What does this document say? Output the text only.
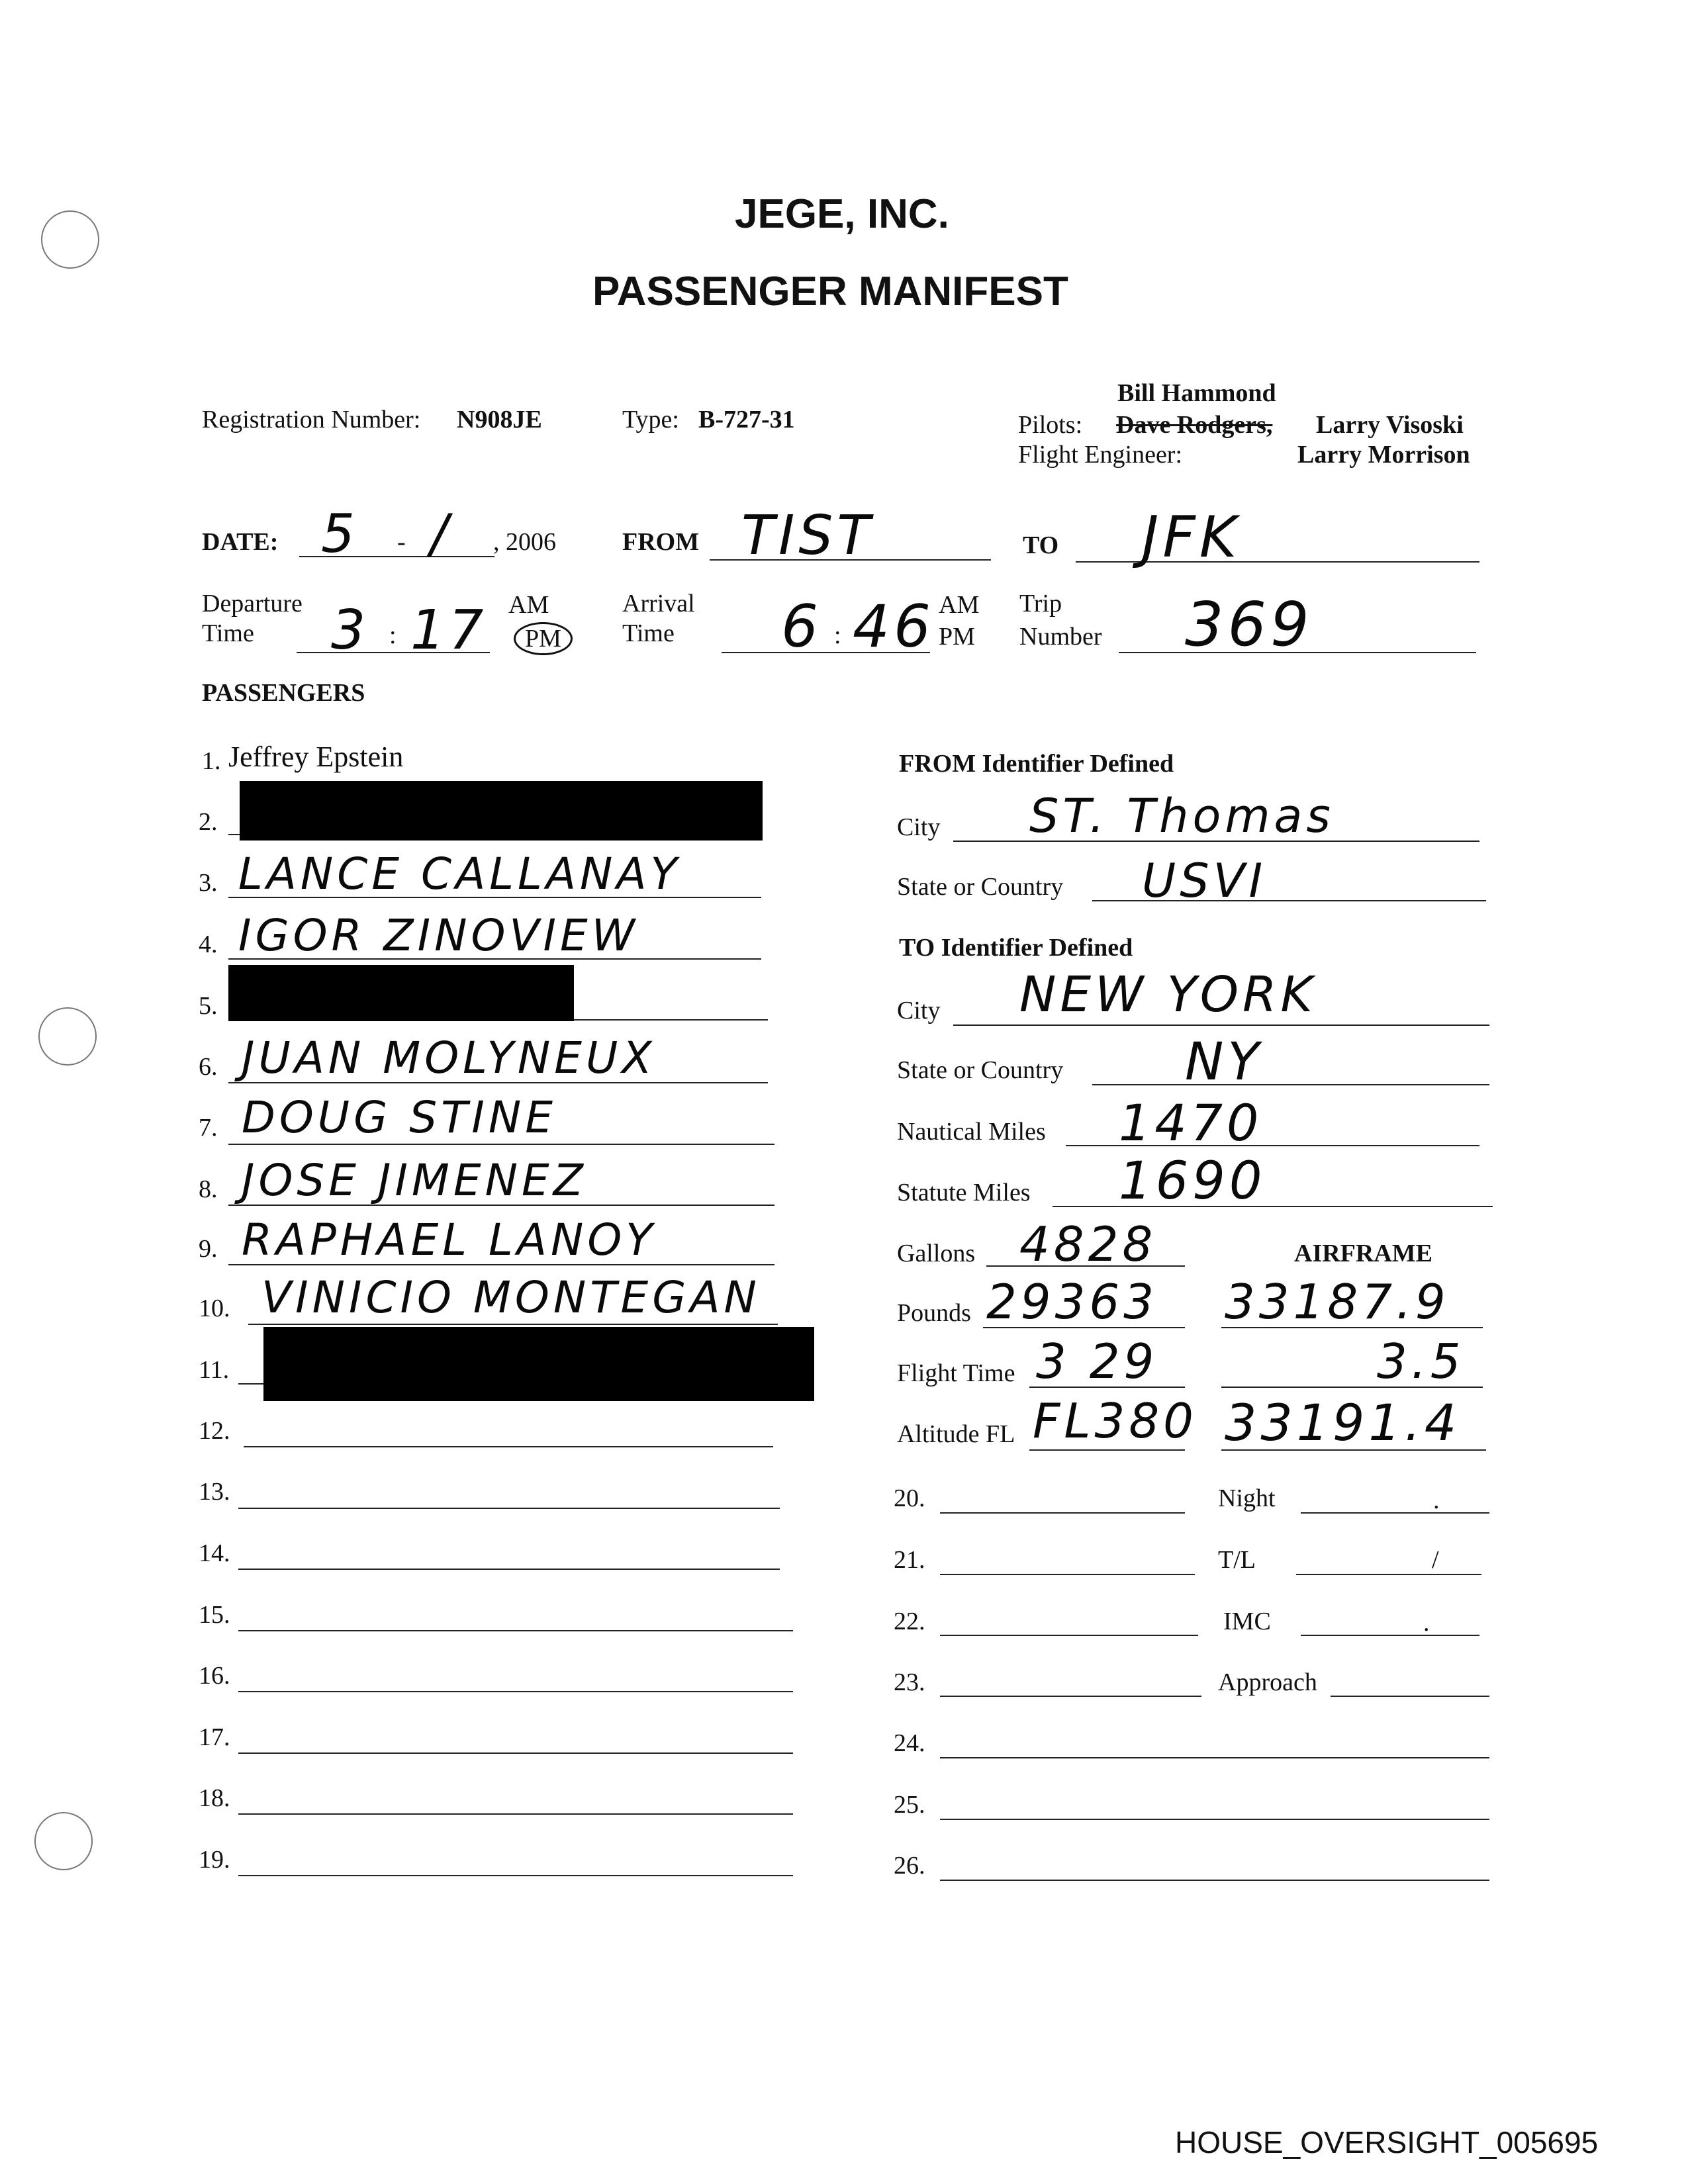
JEGE, INC.
PASSENGER MANIFEST
Registration Number: N908JE	Type: B-727-31
Bill Hammond
Pilots: Dave Rodgers, Larry Visoski
Flight Engineer:	Larry Morrison
DATE: 5 - / , 2006	FROM TIST	TO JFK
Departure
Time 3 : 17 AM
PM
Arrival
Time 6 : 46 AM
PM
Trip
Number 369
PASSENGERS
1. Jeffrey Epstein
2.
3. LANCE CALLANAY
4. IGOR ZINOVIEW
5.
6. JUAN MOLYNEUX
7. DOUG STINE
8. JOSE JIMENEZ
9. RAPHAEL LANOY
10. VINICIO MONTEGAN
11.
12.
13.
14.
15.
16.
17.
18.
19.
FROM Identifier Defined
City ST. Thomas
State or Country USVI
TO Identifier Defined
City NEW YORK
State or Country NY
Nautical Miles 1470
Statute Miles 1690
Gallons 4828	AIRFRAME
Pounds 29363 33187.9
Flight Time 3 29	3.5
Altitude FL FL380 33191.4
20.	Night	.
21.	T/L	/
22.	IMC	.
23.	Approach
24.
25.
26.
HOUSE_OVERSIGHT_005695
